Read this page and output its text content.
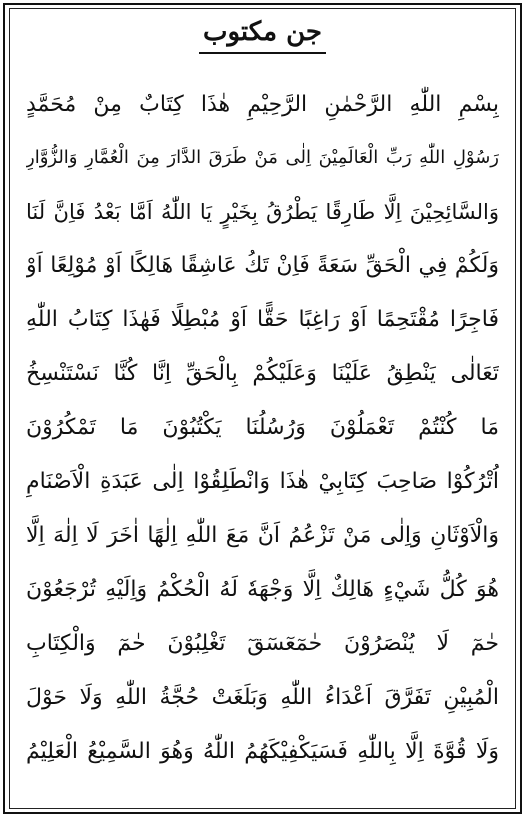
جن مكتوب
بِسْمِ اللّٰهِ الرَّحْمٰنِ الرَّحِيْمِ هٰذَا كِتَابٌ مِنْ مُحَمَّدٍ
رَسُوْلِ اللّٰهِ رَبِّ الْعَالَمِيْنَ اِلٰى مَنْ طَرَقَ الدَّارَ مِنَ الْعُمَّارِ وَالزُّوَّارِ
وَالسَّائِحِيْنَ اِلَّا طَارِقًا يَطْرُقُ بِخَيْرٍ يَا اللّٰهُ اَمَّا بَعْدُ فَاِنَّ لَنَا
وَلَكُمْ فِي الْحَقِّ سَعَةً فَاِنْ تَكُ عَاشِقًا هَالِكًا اَوْ مُوْلِعًا اَوْ
فَاجِرًا مُقْتَحِمًا اَوْ رَاغِبًا حَقًّا اَوْ مُبْطِلًا فَهٰذَا كِتَابُ اللّٰهِ
تَعَالٰى يَنْطِقُ عَلَيْنَا وَعَلَيْكُمْ بِالْحَقِّ اِنَّا كُنَّا نَسْتَنْسِخُ
مَا كُنْتُمْ تَعْمَلُوْنَ وَرُسُلُنَا يَكْتُبُوْنَ مَا تَمْكُرُوْنَ
اُتْرُكُوْا صَاحِبَ كِتَابِيْ هٰذَا وَانْطَلِقُوْا اِلٰى عَبَدَةِ الْاَصْنَامِ
وَالْاَوْثَانِ وَاِلٰى مَنْ تَزْعُمُ اَنَّ مَعَ اللّٰهِ اِلٰهًا اٰخَرَ لَا اِلٰهَ اِلَّا
هُوَ كُلُّ شَيْءٍ هَالِكٌ اِلَّا وَجْهَهٗ لَهُ الْحُكْمُ وَاِلَيْهِ تُرْجَعُوْنَ
حٰمٓ لَا يُنْصَرُوْنَ حٰمٓعٓسٓقٓ تَغْلِبُوْنَ حٰمٓ وَالْكِتَابِ
الْمُبِيْنِ تَفَرَّقَ اَعْدَاءُ اللّٰهِ وَبَلَغَتْ حُجَّةُ اللّٰهِ وَلَا حَوْلَ
وَلَا قُوَّةَ اِلَّا بِاللّٰهِ فَسَيَكْفِيْكَهُمُ اللّٰهُ وَهُوَ السَّمِيْعُ الْعَلِيْمُ
